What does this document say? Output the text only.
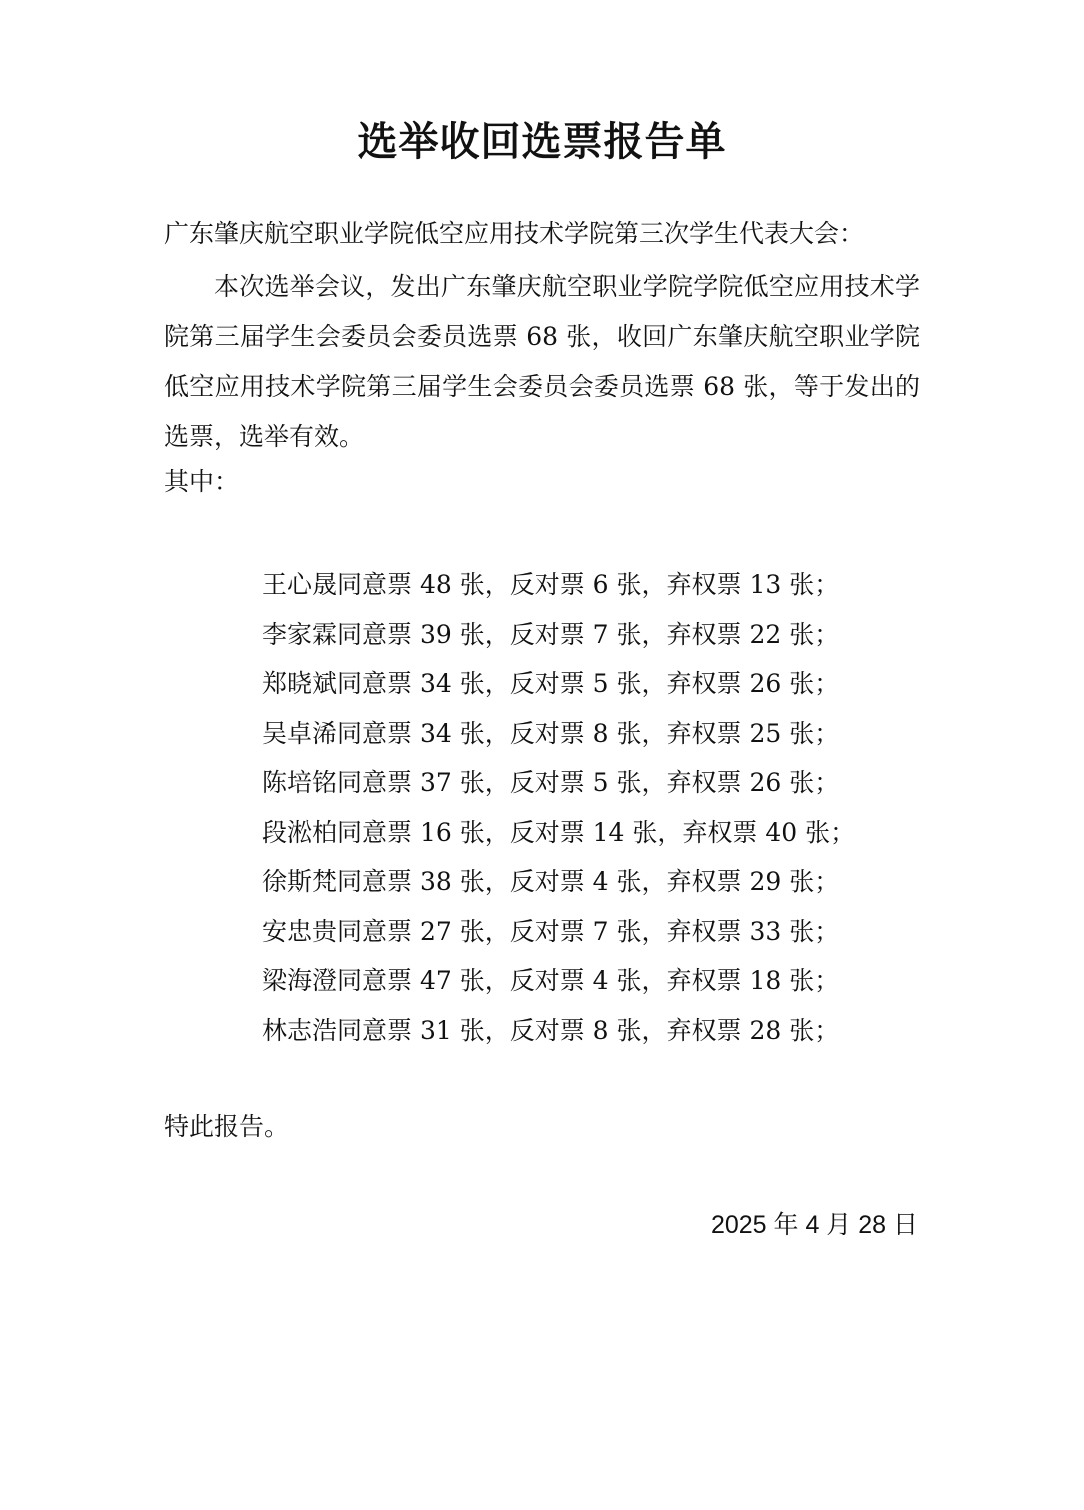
选举收回选票报告单
广东肇庆航空职业学院低空应用技术学院第三次学生代表大会：
本次选举会议，发出广东肇庆航空职业学院学院低空应用技术学院第三届学生会委员会委员选票 68 张，收回广东肇庆航空职业学院低空应用技术学院第三届学生会委员会委员选票 68 张，等于发出的选票，选举有效。
其中：
王心晟同意票 48 张，反对票 6 张，弃权票 13 张；
李家霖同意票 39 张，反对票 7 张，弃权票 22 张；
郑晓斌同意票 34 张，反对票 5 张，弃权票 26 张；
吴卓浠同意票 34 张，反对票 8 张，弃权票 25 张；
陈培铭同意票 37 张，反对票 5 张，弃权票 26 张；
段淞柏同意票 16 张，反对票 14 张，弃权票 40 张；
徐斯梵同意票 38 张，反对票 4 张，弃权票 29 张；
安忠贵同意票 27 张，反对票 7 张，弃权票 33 张；
梁海澄同意票 47 张，反对票 4 张，弃权票 18 张；
林志浩同意票 31 张，反对票 8 张，弃权票 28 张；
特此报告。
2025 年 4 月 28 日
